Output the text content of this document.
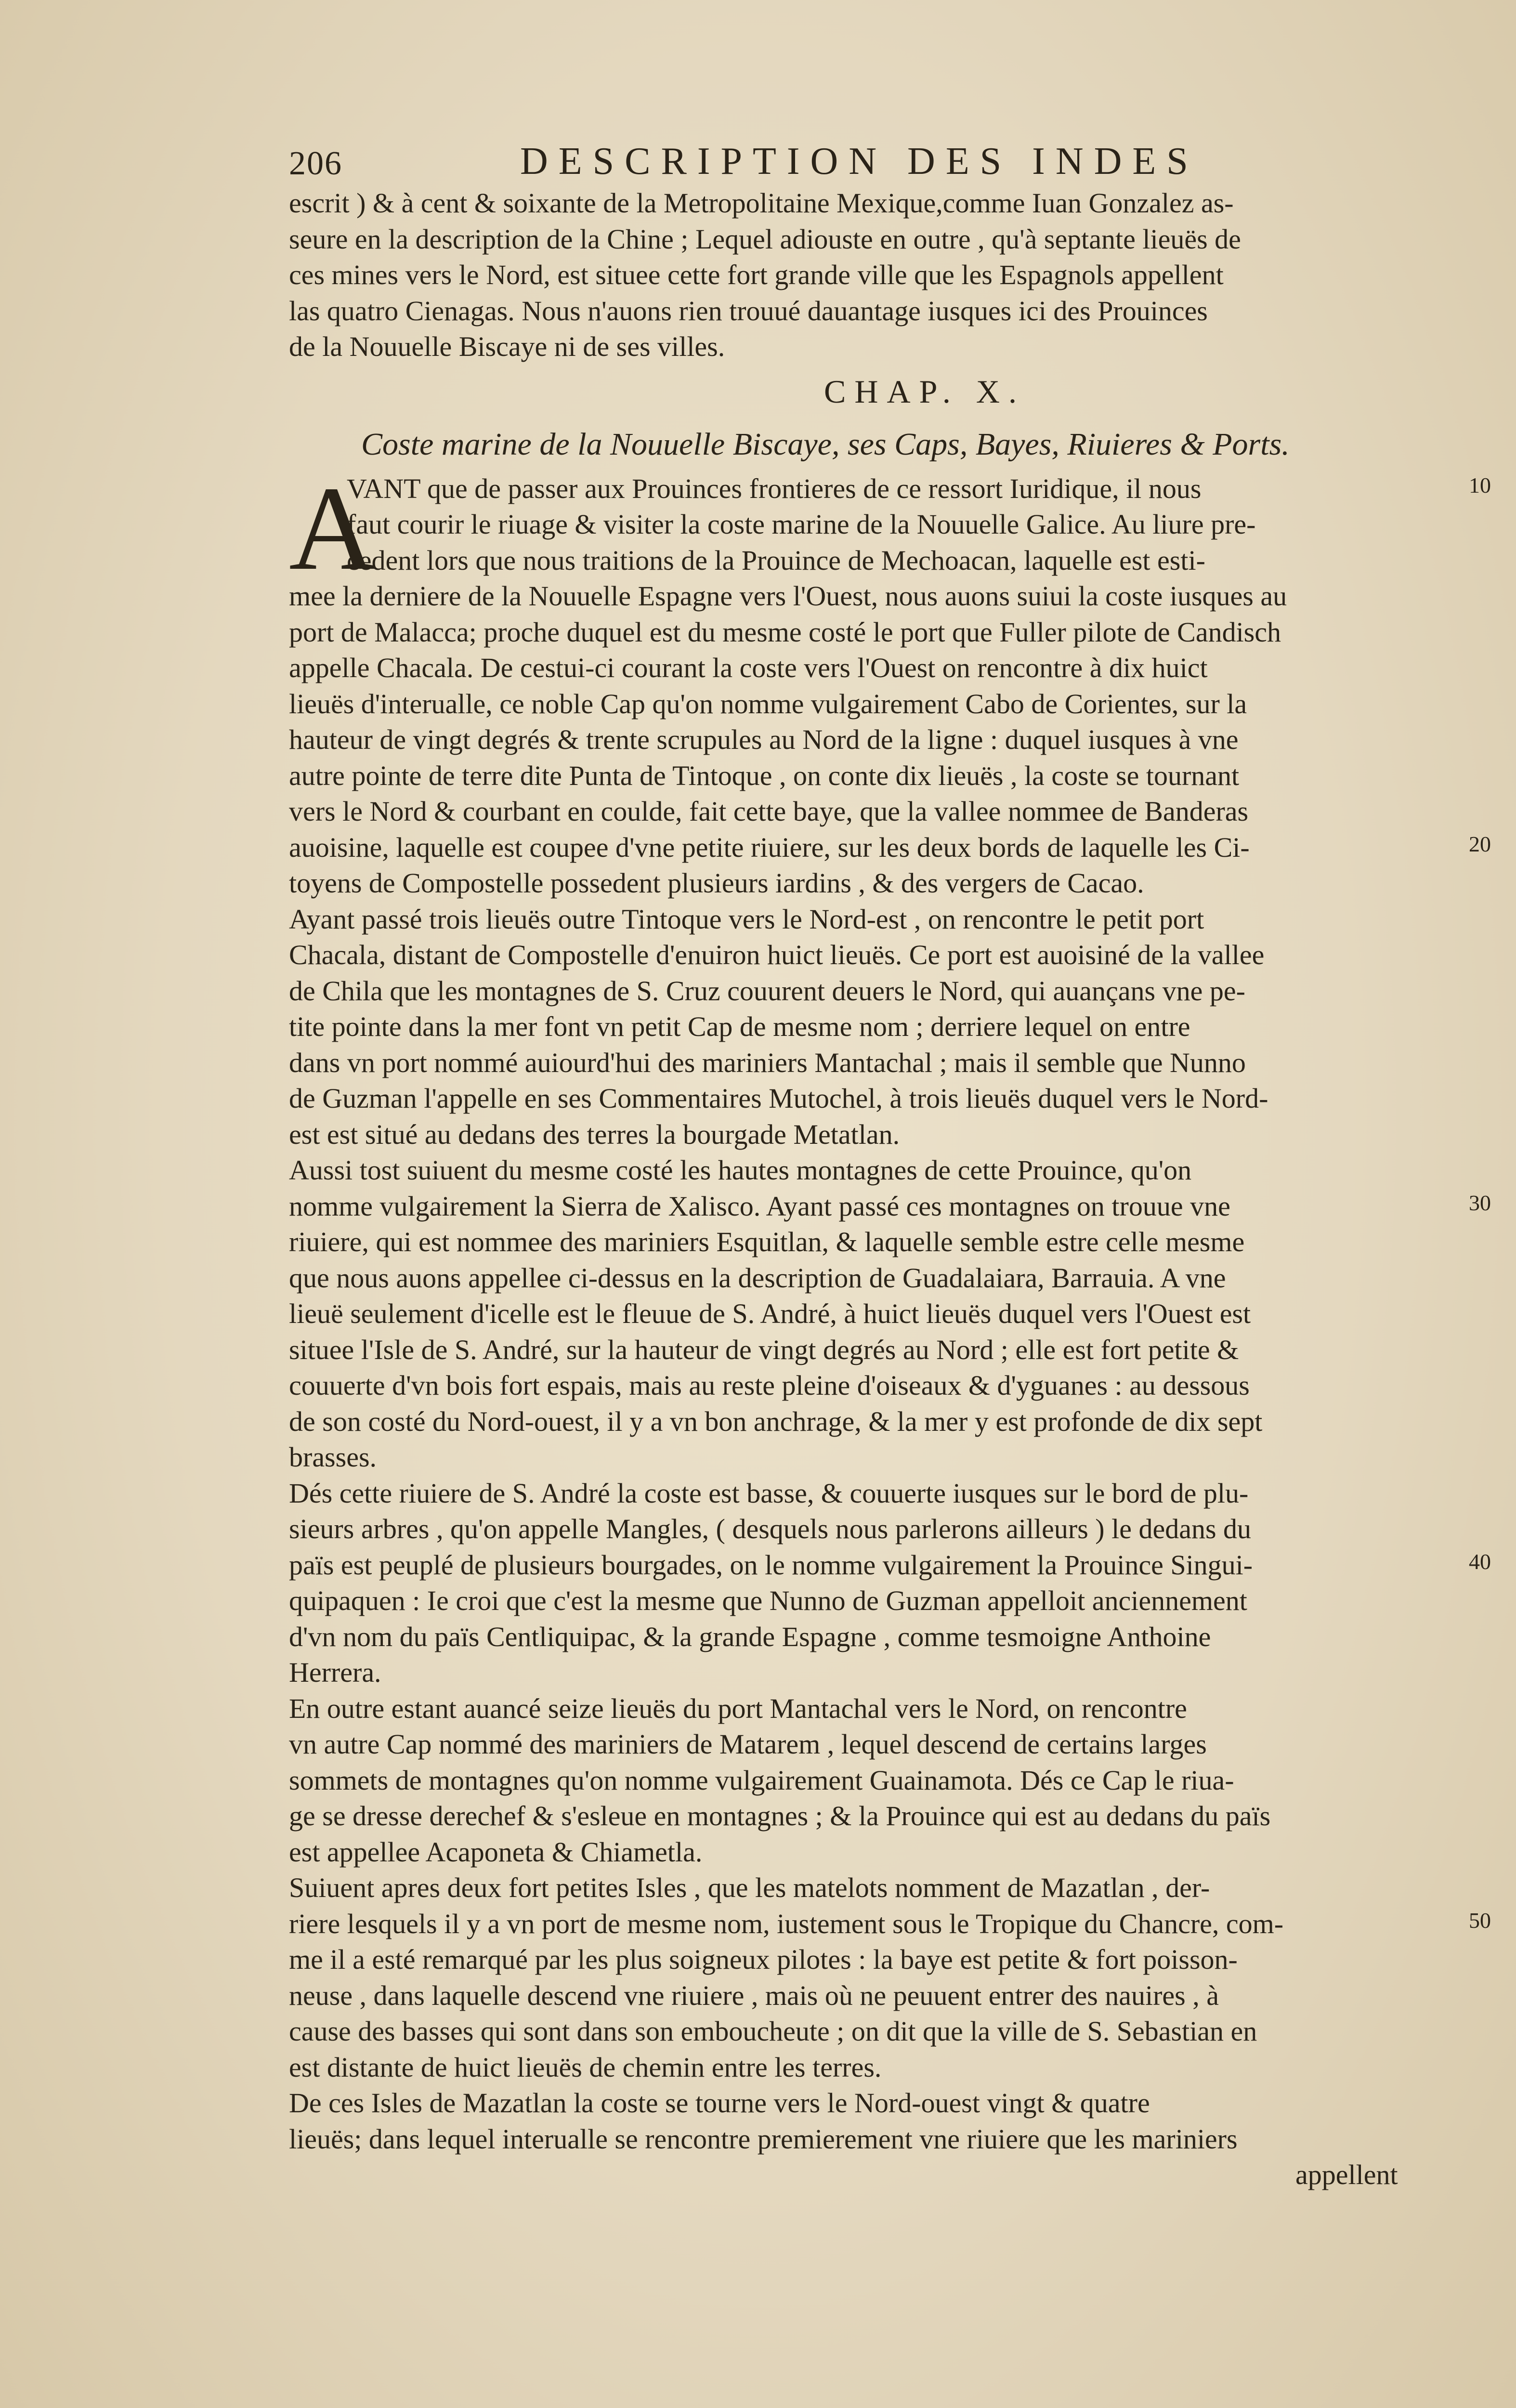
206	DESCRIPTION DES INDES
escrit ) & à cent & soixante de la Metropolitaine Mexique,comme Iuan Gonzalez as-
seure en la description de la Chine ; Lequel adiouste en outre , qu'à septante lieuës de
ces mines vers le Nord, est situee cette fort grande ville que les Espagnols appellent
las quatro Cienagas. Nous n'auons rien trouué dauantage iusques ici des Prouinces
de la Nouuelle Biscaye ni de ses villes.
CHAP. X.
Coste marine de la Nouuelle Biscaye, ses Caps, Bayes, Riuieres & Ports.
A
VANT que de passer aux Prouinces frontieres de ce ressort Iuridique, il nous	10
faut courir le riuage & visiter la coste marine de la Nouuelle Galice. Au liure pre-
cedent lors que nous traitions de la Prouince de Mechoacan, laquelle est esti-
mee la derniere de la Nouuelle Espagne vers l'Ouest, nous auons suiui la coste iusques au
port de Malacca; proche duquel est du mesme costé le port que Fuller pilote de Candisch
appelle Chacala. De cestui-ci courant la coste vers l'Ouest on rencontre à dix huict
lieuës d'interualle, ce noble Cap qu'on nomme vulgairement Cabo de Corientes, sur la
hauteur de vingt degrés & trente scrupules au Nord de la ligne : duquel iusques à vne
autre pointe de terre dite Punta de Tintoque , on conte dix lieuës , la coste se tournant
vers le Nord & courbant en coulde, fait cette baye, que la vallee nommee de Banderas
auoisine, laquelle est coupee d'vne petite riuiere, sur les deux bords de laquelle les Ci-	20
toyens de Compostelle possedent plusieurs iardins , & des vergers de Cacao.
Ayant passé trois lieuës outre Tintoque vers le Nord-est , on rencontre le petit port
Chacala, distant de Compostelle d'enuiron huict lieuës. Ce port est auoisiné de la vallee
de Chila que les montagnes de S. Cruz couurent deuers le Nord, qui auançans vne pe-
tite pointe dans la mer font vn petit Cap de mesme nom ; derriere lequel on entre
dans vn port nommé auiourd'hui des mariniers Mantachal ; mais il semble que Nunno
de Guzman l'appelle en ses Commentaires Mutochel, à trois lieuës duquel vers le Nord-
est est situé au dedans des terres la bourgade Metatlan.
Aussi tost suiuent du mesme costé les hautes montagnes de cette Prouince, qu'on
nomme vulgairement la Sierra de Xalisco. Ayant passé ces montagnes on trouue vne	30
riuiere, qui est nommee des mariniers Esquitlan, & laquelle semble estre celle mesme
que nous auons appellee ci-dessus en la description de Guadalaiara, Barrauia. A vne
lieuë seulement d'icelle est le fleuue de S. André, à huict lieuës duquel vers l'Ouest est
situee l'Isle de S. André, sur la hauteur de vingt degrés au Nord ; elle est fort petite &
couuerte d'vn bois fort espais, mais au reste pleine d'oiseaux & d'yguanes : au dessous
de son costé du Nord-ouest, il y a vn bon anchrage, & la mer y est profonde de dix sept
brasses.
Dés cette riuiere de S. André la coste est basse, & couuerte iusques sur le bord de plu-
sieurs arbres , qu'on appelle Mangles, ( desquels nous parlerons ailleurs ) le dedans du
païs est peuplé de plusieurs bourgades, on le nomme vulgairement la Prouince Singui-	40
quipaquen : Ie croi que c'est la mesme que Nunno de Guzman appelloit anciennement
d'vn nom du païs Centliquipac, & la grande Espagne , comme tesmoigne Anthoine
Herrera.
En outre estant auancé seize lieuës du port Mantachal vers le Nord, on rencontre
vn autre Cap nommé des mariniers de Matarem , lequel descend de certains larges
sommets de montagnes qu'on nomme vulgairement Guainamota. Dés ce Cap le riua-
ge se dresse derechef & s'esleue en montagnes ; & la Prouince qui est au dedans du païs
est appellee Acaponeta & Chiametla.
Suiuent apres deux fort petites Isles , que les matelots nomment de Mazatlan , der-
riere lesquels il y a vn port de mesme nom, iustement sous le Tropique du Chancre, com-	50
me il a esté remarqué par les plus soigneux pilotes : la baye est petite & fort poisson-
neuse , dans laquelle descend vne riuiere , mais où ne peuuent entrer des nauires , à
cause des basses qui sont dans son emboucheute ; on dit que la ville de S. Sebastian en
est distante de huict lieuës de chemin entre les terres.
De ces Isles de Mazatlan la coste se tourne vers le Nord-ouest vingt & quatre
lieuës; dans lequel interualle se rencontre premierement vne riuiere que les mariniers
appellent
